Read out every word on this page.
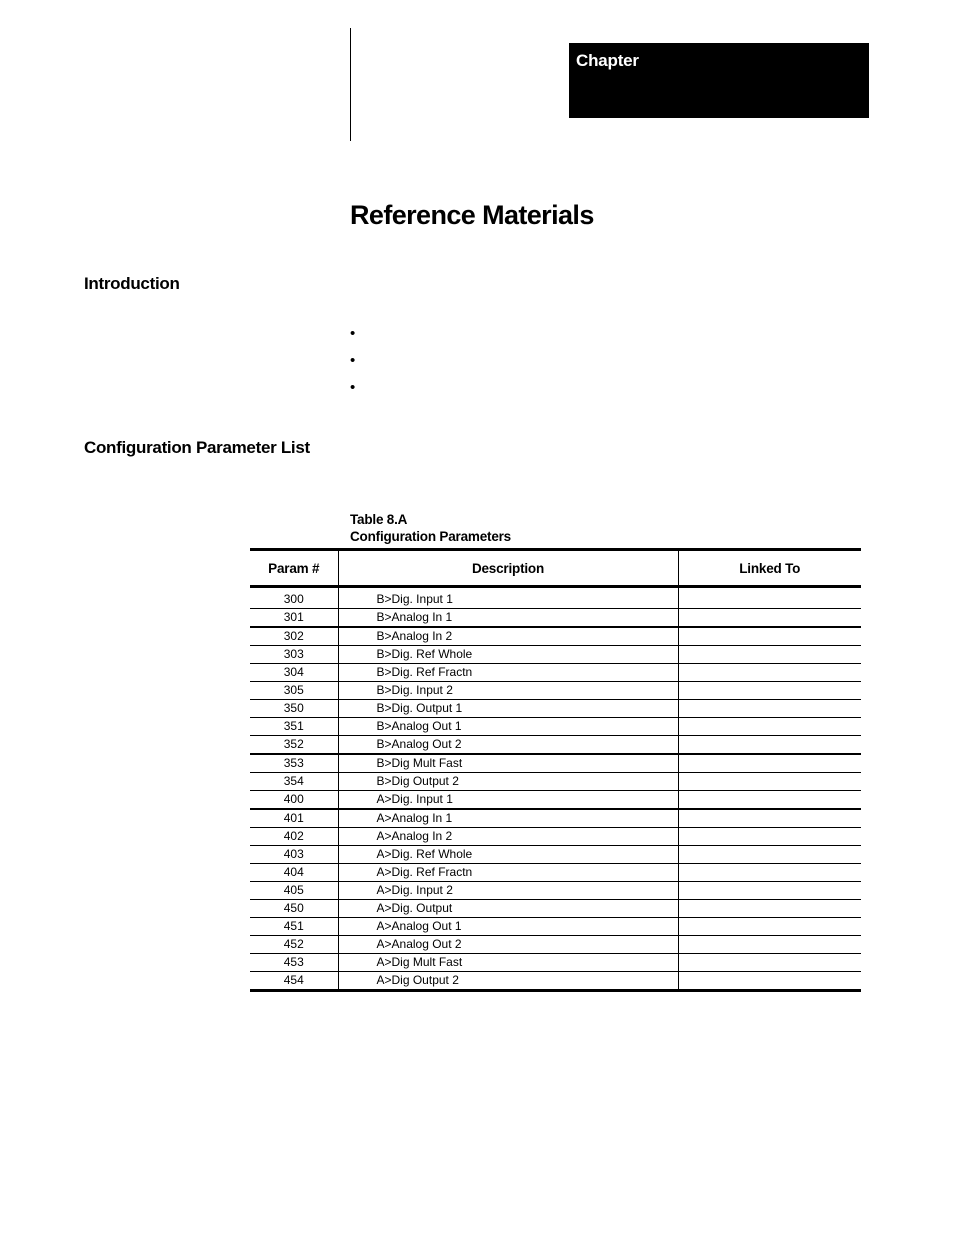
Chapter
Reference Materials
Introduction
•
•
•
Configuration Parameter List
Table 8.A
Configuration Parameters
Param #	Description	Linked To
300	B>Dig. Input 1	
301	B>Analog In 1	
302	B>Analog In 2	
303	B>Dig. Ref Whole	
304	B>Dig. Ref Fractn	
305	B>Dig. Input 2	
350	B>Dig. Output 1	
351	B>Analog Out 1	
352	B>Analog Out 2	
353	B>Dig Mult Fast	
354	B>Dig Output 2	
400	A>Dig. Input 1	
401	A>Analog In 1	
402	A>Analog In 2	
403	A>Dig. Ref Whole	
404	A>Dig. Ref Fractn	
405	A>Dig. Input 2	
450	A>Dig. Output	
451	A>Analog Out 1	
452	A>Analog Out 2	
453	A>Dig Mult Fast	
454	A>Dig Output 2	
